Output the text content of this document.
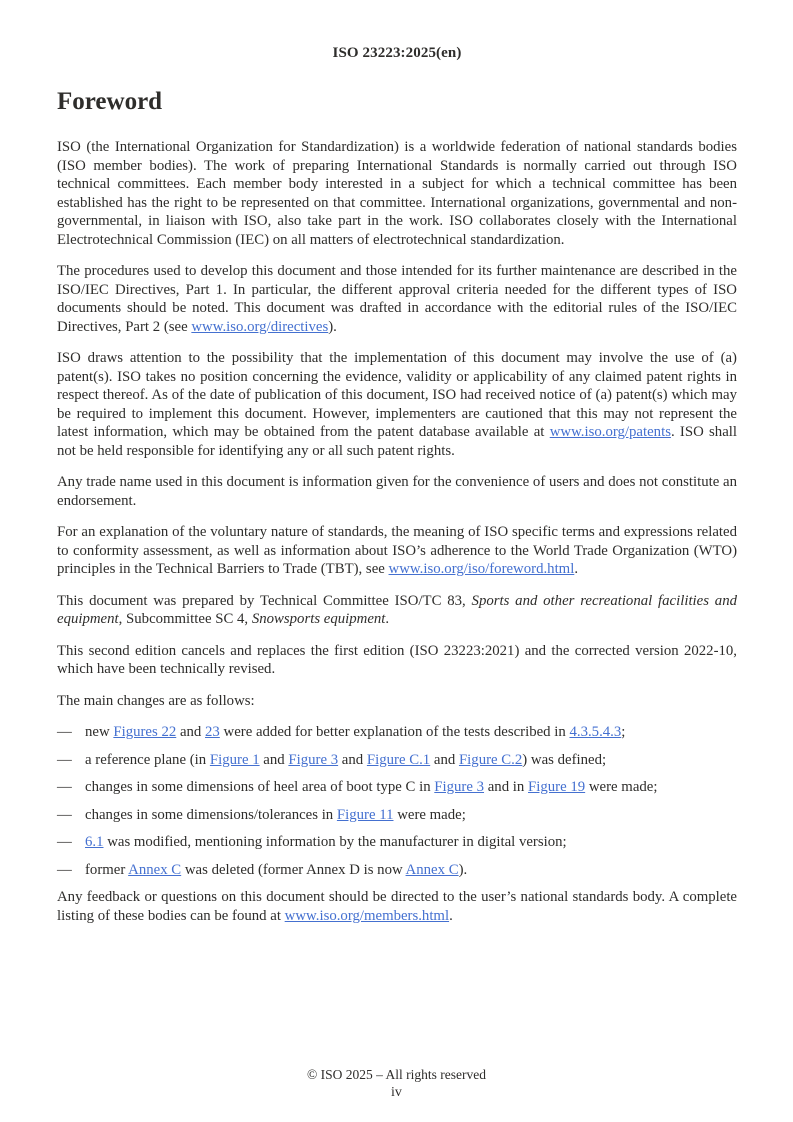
ISO 23223:2025(en)
Foreword

ISO (the International Organization for Standardization) is a worldwide federation of national standards bodies (ISO member bodies). The work of preparing International Standards is normally carried out through ISO technical committees. Each member body interested in a subject for which a technical committee has been established has the right to be represented on that committee. International organizations, governmental and non-governmental, in liaison with ISO, also take part in the work. ISO collaborates closely with the International Electrotechnical Commission (IEC) on all matters of electrotechnical standardization.

The procedures used to develop this document and those intended for its further maintenance are described in the ISO/IEC Directives, Part 1. In particular, the different approval criteria needed for the different types of ISO documents should be noted. This document was drafted in accordance with the editorial rules of the ISO/IEC Directives, Part 2 (see www.iso.org/directives).

ISO draws attention to the possibility that the implementation of this document may involve the use of (a) patent(s). ISO takes no position concerning the evidence, validity or applicability of any claimed patent rights in respect thereof. As of the date of publication of this document, ISO had received notice of (a) patent(s) which may be required to implement this document. However, implementers are cautioned that this may not represent the latest information, which may be obtained from the patent database available at www.iso.org/patents. ISO shall not be held responsible for identifying any or all such patent rights.

Any trade name used in this document is information given for the convenience of users and does not constitute an endorsement.

For an explanation of the voluntary nature of standards, the meaning of ISO specific terms and expressions related to conformity assessment, as well as information about ISO’s adherence to the World Trade Organization (WTO) principles in the Technical Barriers to Trade (TBT), see www.iso.org/iso/foreword.html.

This document was prepared by Technical Committee ISO/TC 83, Sports and other recreational facilities and equipment, Subcommittee SC 4, Snowsports equipment.

This second edition cancels and replaces the first edition (ISO 23223:2021) and the corrected version 2022-10, which have been technically revised.

The main changes are as follows:

— new Figures 22 and 23 were added for better explanation of the tests described in 4.3.5.4.3;

— a reference plane (in Figure 1 and Figure 3 and Figure C.1 and Figure C.2) was defined;

— changes in some dimensions of heel area of boot type C in Figure 3 and in Figure 19 were made;

— changes in some dimensions/tolerances in Figure 11 were made;

— 6.1 was modified, mentioning information by the manufacturer in digital version;

— former Annex C was deleted (former Annex D is now Annex C).

Any feedback or questions on this document should be directed to the user’s national standards body. A complete listing of these bodies can be found at www.iso.org/members.html.

© ISO 2025 – All rights reserved
iv
